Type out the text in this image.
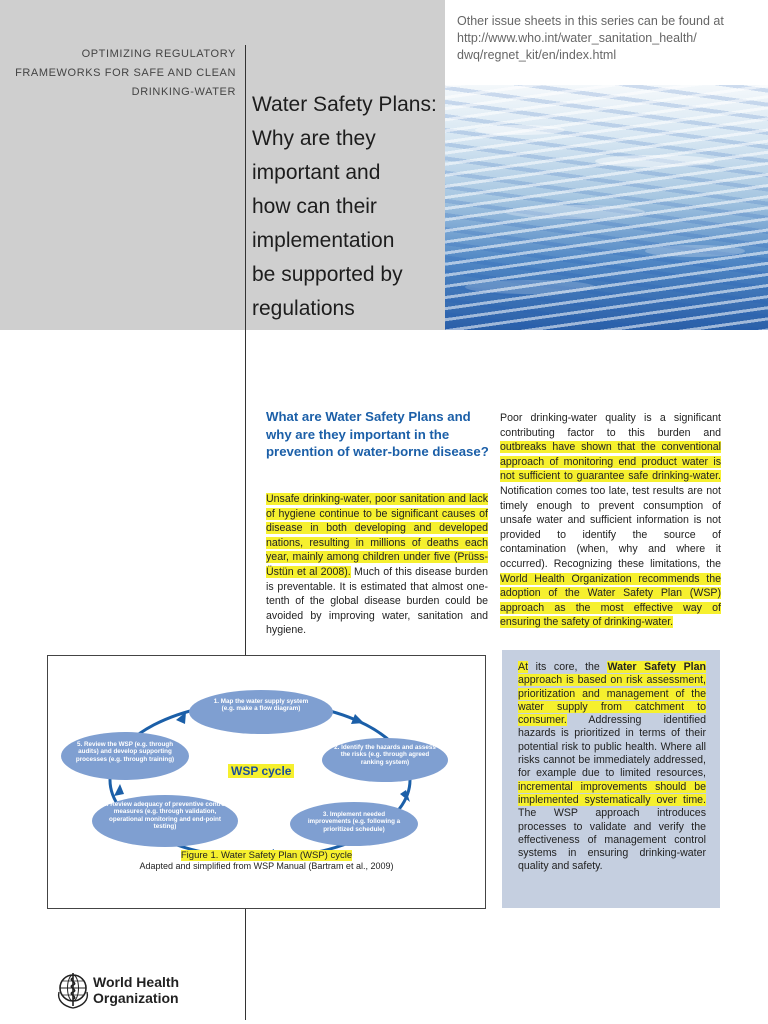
OPTIMIZING REGULATORY
FRAMEWORKS FOR SAFE AND CLEAN
DRINKING-WATER
Water Safety Plans:
Why are they
important and
how can their
implementation
be supported by
regulations
Other issue sheets in this series can be found at
http://www.who.int/water_sanitation_health/
dwq/regnet_kit/en/index.html
What are Water Safety Plans and why are they important in the prevention of water-borne disease?
Unsafe drinking-water, poor sanitation and lack of hygiene continue to be significant causes of disease in both developing and developed nations, resulting in millions of deaths each year, mainly among children under five (Prüss-Üstün et al 2008). Much of this disease burden is preventable. It is estimated that almost one-tenth of the global disease burden could be avoided by improving water, sanitation and hygiene.
Poor drinking-water quality is a significant contributing factor to this burden and outbreaks have shown that the conventional approach of monitoring end product water is not sufficient to guarantee safe drinking-water. Notification comes too late, test results are not timely enough to prevent consumption of unsafe water and sufficient information is not provided to identify the source of contamination (when, why and where it occurred). Recognizing these limitations, the World Health Organization recommends the adoption of the Water Safety Plan (WSP) approach as the most effective way of ensuring the safety of drinking-water.
1. Map the water supply system (e.g. make a flow diagram)
2. Identify the hazards and assess the risks (e.g. through agreed ranking system)
3. Implement needed improvements (e.g. following a prioritized schedule)
4. Review adequacy of preventive control measures (e.g. through validation, operational monitoring and end-point testing)
5. Review the WSP (e.g. through audits) and develop supporting processes (e.g. through training)
WSP cycle
Figure 1. Water Safety Plan (WSP) cycle
Adapted and simplified from WSP Manual (Bartram et al., 2009)
At its core, the Water Safety Plan approach is based on risk assessment, prioritization and management of the water supply from catchment to consumer. Addressing identified hazards is prioritized in terms of their potential risk to public health. Where all risks cannot be immediately addressed, for example due to limited resources, incremental improvements should be implemented systematically over time. The WSP approach introduces processes to validate and verify the effectiveness of management control systems in ensuring drinking-water quality and safety.
World Health
Organization
